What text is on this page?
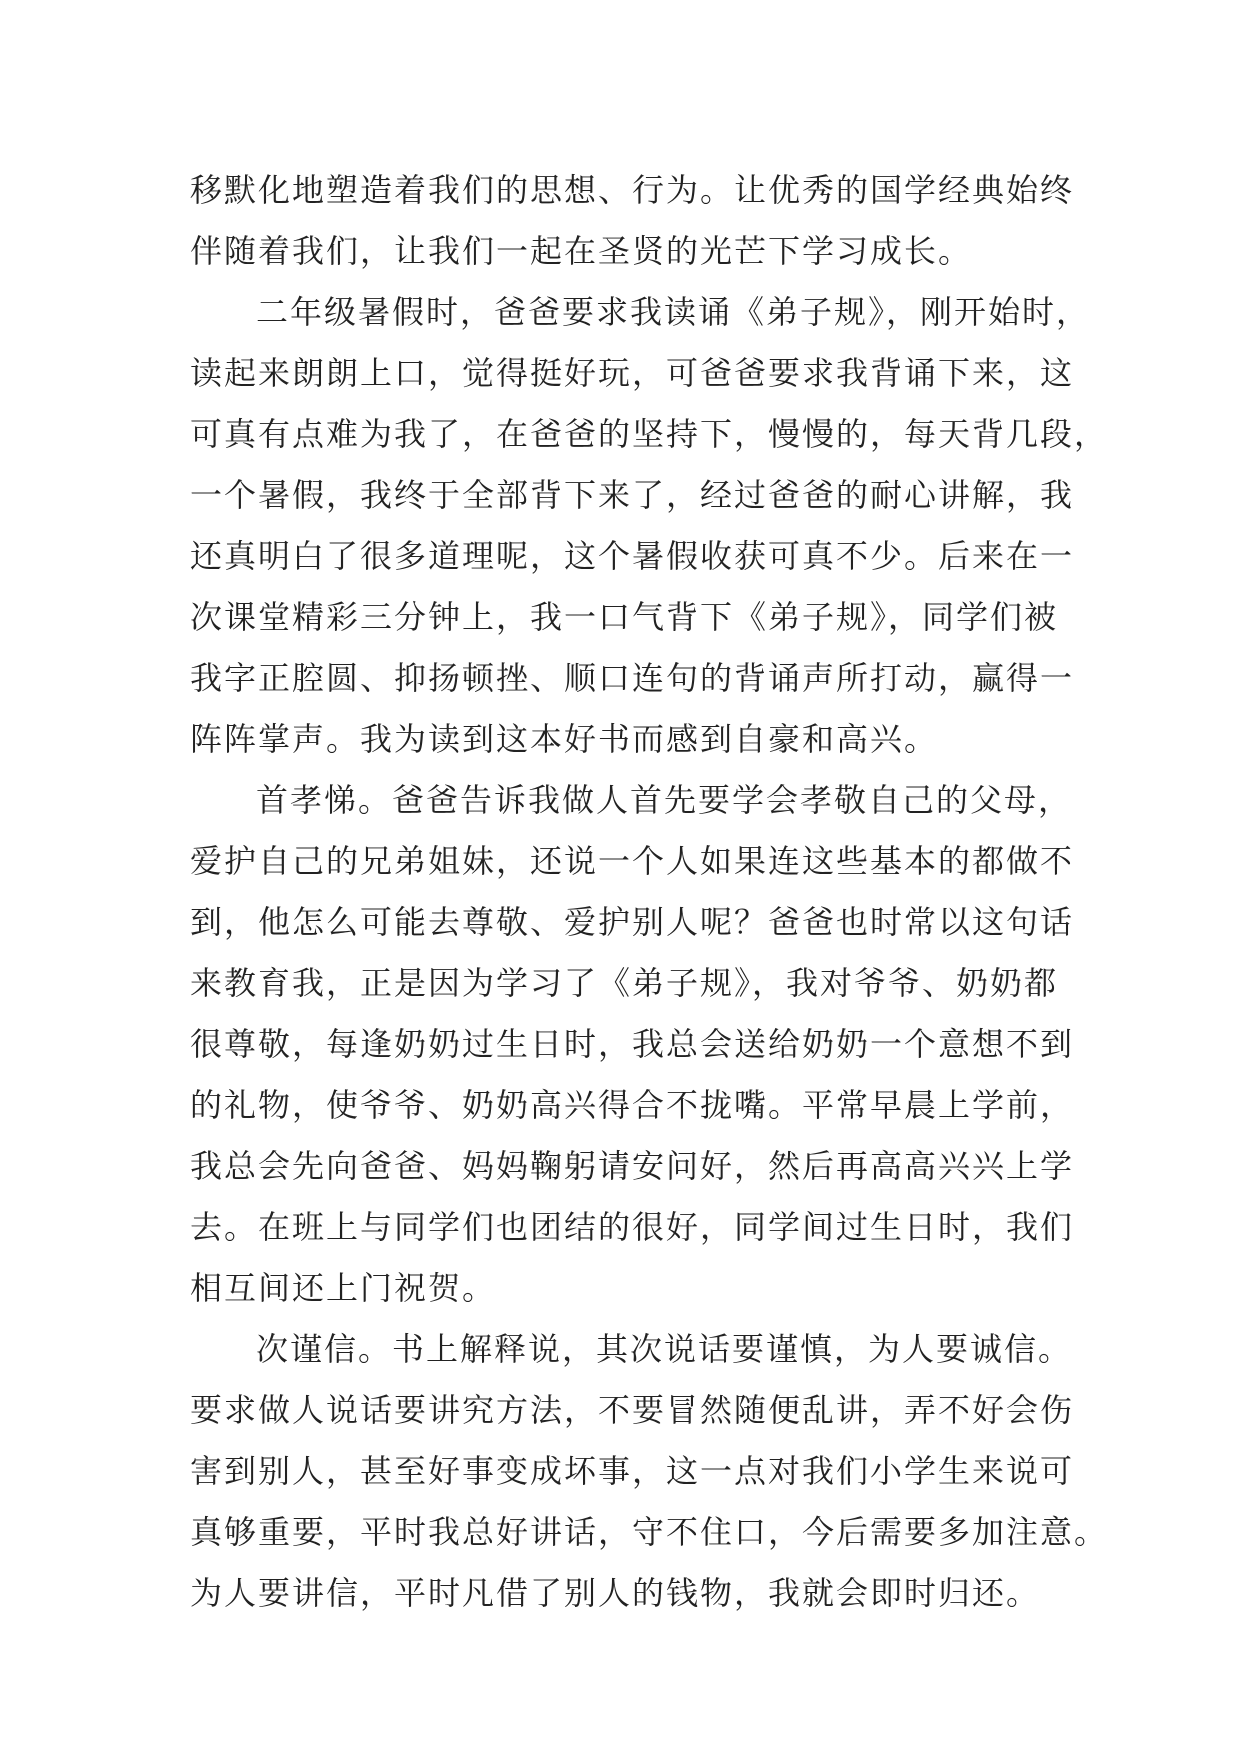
移默化地塑造着我们的思想、行为。让优秀的国学经典始终
伴随着我们，让我们一起在圣贤的光芒下学习成长。
二年级暑假时，爸爸要求我读诵《弟子规》，刚开始时，
读起来朗朗上口，觉得挺好玩，可爸爸要求我背诵下来，这
可真有点难为我了，在爸爸的坚持下，慢慢的，每天背几段，
一个暑假，我终于全部背下来了，经过爸爸的耐心讲解，我
还真明白了很多道理呢，这个暑假收获可真不少。后来在一
次课堂精彩三分钟上，我一口气背下《弟子规》，同学们被
我字正腔圆、抑扬顿挫、顺口连句的背诵声所打动，赢得一
阵阵掌声。我为读到这本好书而感到自豪和高兴。
首孝悌。爸爸告诉我做人首先要学会孝敬自己的父母，
爱护自己的兄弟姐妹，还说一个人如果连这些基本的都做不
到，他怎么可能去尊敬、爱护别人呢？爸爸也时常以这句话
来教育我，正是因为学习了《弟子规》，我对爷爷、奶奶都
很尊敬，每逢奶奶过生日时，我总会送给奶奶一个意想不到
的礼物，使爷爷、奶奶高兴得合不拢嘴。平常早晨上学前，
我总会先向爸爸、妈妈鞠躬请安问好，然后再高高兴兴上学
去。在班上与同学们也团结的很好，同学间过生日时，我们
相互间还上门祝贺。
次谨信。书上解释说，其次说话要谨慎，为人要诚信。
要求做人说话要讲究方法，不要冒然随便乱讲，弄不好会伤
害到别人，甚至好事变成坏事，这一点对我们小学生来说可
真够重要，平时我总好讲话，守不住口，今后需要多加注意。
为人要讲信，平时凡借了别人的钱物，我就会即时归还。
